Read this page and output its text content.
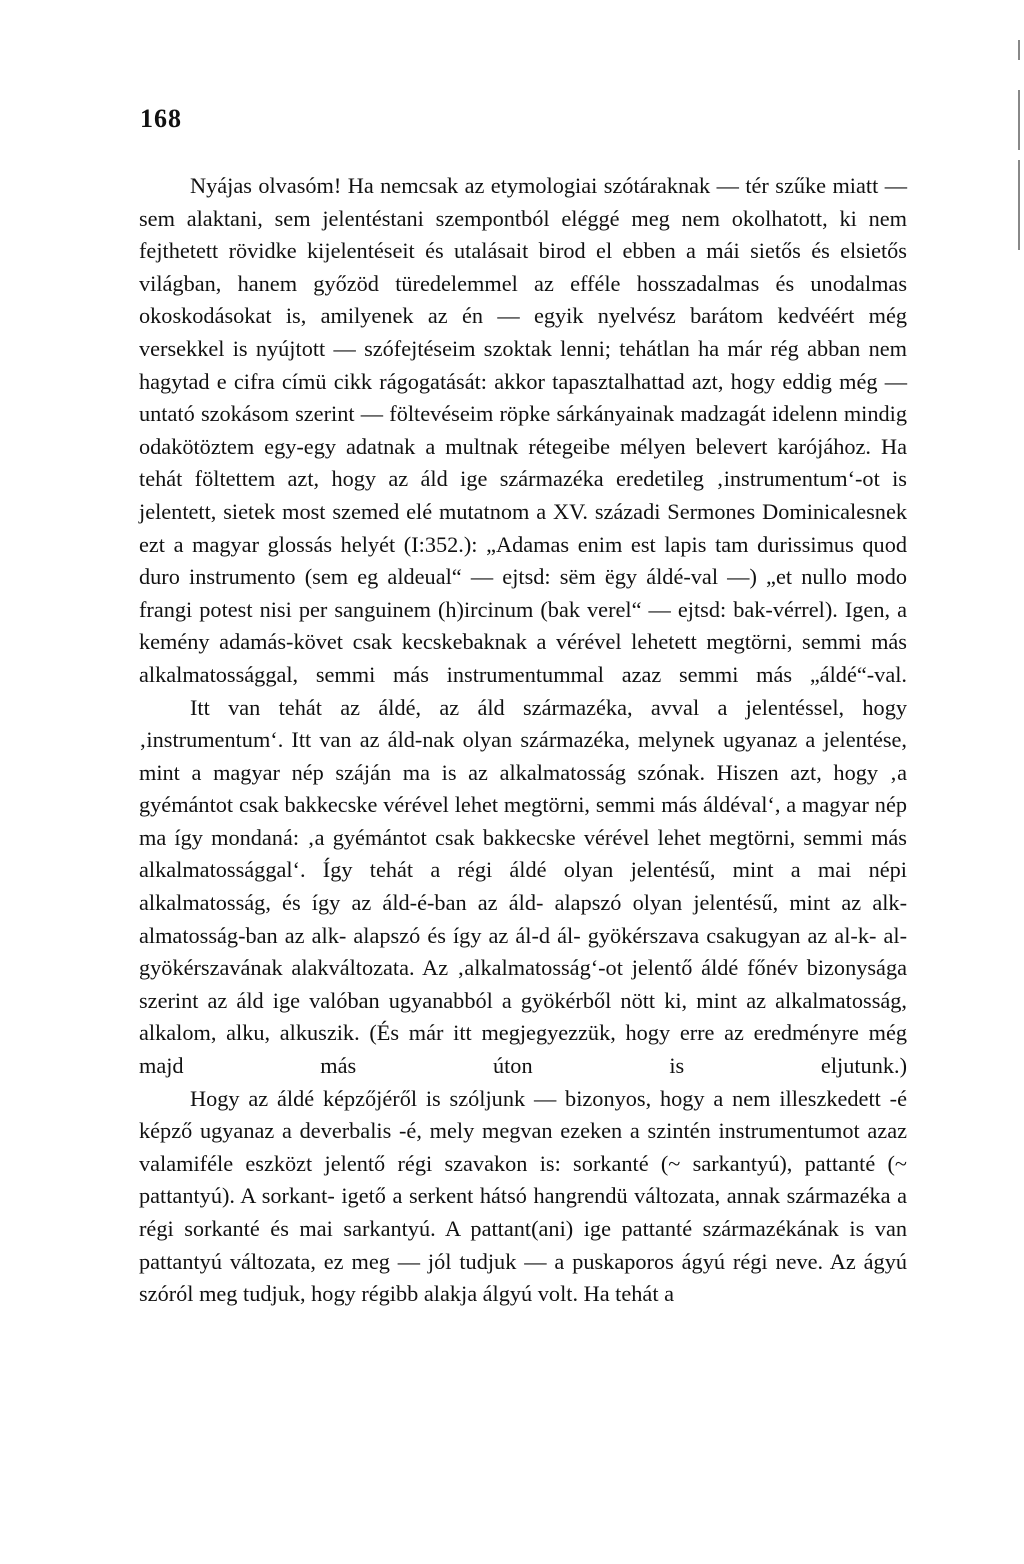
168

Nyájas olvasóm! Ha nemcsak az etymologiai szótáraknak — tér szűke miatt — sem alaktani, sem jelentéstani szempontból eléggé meg nem okolhatott, ki nem fejthetett rövidke kijelentéseit és utalásait birod el ebben a mái sietős és elsietős világban, hanem győzöd türedelemmel az efféle hosszadalmas és unodalmas okoskodásokat is, amilyenek az én — egyik nyelvész barátom kedvéért még versekkel is nyújtott — szófejtéseim szoktak lenni; tehátlan ha már rég abban nem hagytad e cifra címü cikk rágogatását: akkor tapasztalhattad azt, hogy eddig még — untató szokásom szerint — föltevéseim röpke sárkányainak madzagát idelenn mindig odakötöztem egy-egy adatnak a multnak rétegeibe mélyen belevert karójához. Ha tehát föltettem azt, hogy az áld ige származéka eredetileg ‚instrumentum‘-ot is jelentett, sietek most szemed elé mutatnom a XV. századi Sermones Dominicalesnek ezt a magyar glossás helyét (I:352.): „Adamas enim est lapis tam durissimus quod duro instrumento (sem eg aldeual“ — ejtsd: sëm ëgy áldé-val —) „et nullo modo frangi potest nisi per sanguinem (h)ircinum (bak verel“ — ejtsd: bak-vérrel). Igen, a kemény adamás-követ csak kecskebaknak a vérével lehetett megtörni, semmi más alkalmatossággal, semmi más instrumentummal azaz semmi más „áldé“-val.

Itt van tehát az áldé, az áld származéka, avval a jelentéssel, hogy ‚instrumentum‘. Itt van az áld-nak olyan származéka, melynek ugyanaz a jelentése, mint a magyar nép száján ma is az alkalmatosság szónak. Hiszen azt, hogy ‚a gyémántot csak bakkecske vérével lehet megtörni, semmi más áldéval‘, a magyar nép ma így mondaná: ‚a gyémántot csak bakkecske vérével lehet megtörni, semmi más alkalmatossággal‘. Így tehát a régi áldé olyan jelentésű, mint a mai népi alkalmatosság, és így az áld-é-ban az áld- alapszó olyan jelentésű, mint az alk-almatosság-ban az alk- alapszó és így az ál-d ál- gyökérszava csakugyan az al-k- al- gyökérszavának alakváltozata. Az ‚alkalmatosság‘-ot jelentő áldé főnév bizonysága szerint az áld ige valóban ugyanabból a gyökérből nött ki, mint az alkalmatosság, alkalom, alku, alkuszik. (És már itt megjegyezzük, hogy erre az eredményre még majd más úton is eljutunk.)

Hogy az áldé képzőjéről is szóljunk — bizonyos, hogy a nem illeszkedett -é képző ugyanaz a deverbalis -é, mely megvan ezeken a szintén instrumentumot azaz valamiféle eszközt jelentő régi szavakon is: sorkanté (~ sarkantyú), pattanté (~ pattantyú). A sorkant- igető a serkent hátsó hangrendü változata, annak származéka a régi sorkanté és mai sarkantyú. A pattant(ani) ige pattanté származékának is van pattantyú változata, ez meg — jól tudjuk — a puskaporos ágyú régi neve. Az ágyú szóról meg tudjuk, hogy régibb alakja álgyú volt. Ha tehát a
